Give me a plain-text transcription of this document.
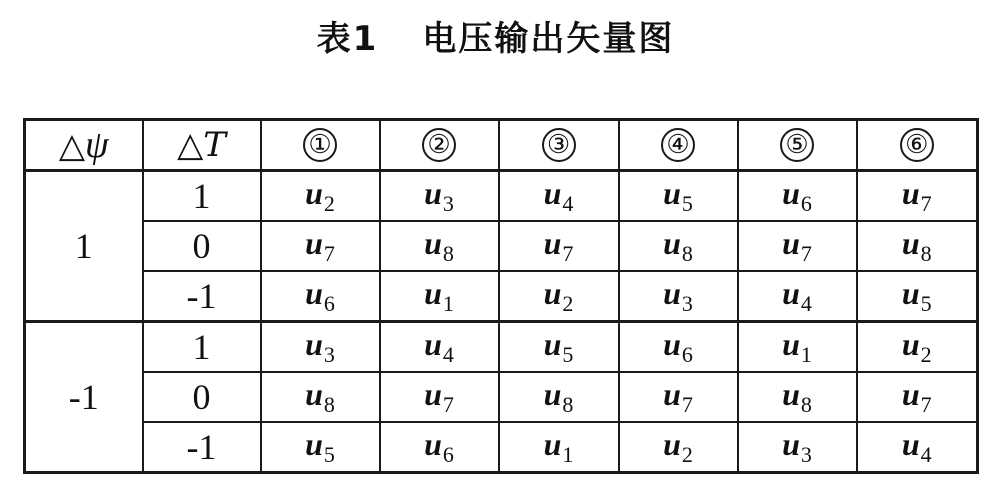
表1 电压输出矢量图
△ψ	△T	①	②	③	④	⑤	⑥
1	1	$u_2$	$u_3$	$u_4$	$u_5$	$u_6$	$u_7$
	0	$u_7$	$u_8$	$u_7$	$u_8$	$u_7$	$u_8$
	-1	$u_6$	$u_1$	$u_2$	$u_3$	$u_4$	$u_5$
-1	1	$u_3$	$u_4$	$u_5$	$u_6$	$u_1$	$u_2$
	0	$u_8$	$u_7$	$u_8$	$u_7$	$u_8$	$u_7$
	-1	$u_5$	$u_6$	$u_1$	$u_2$	$u_3$	$u_4$
